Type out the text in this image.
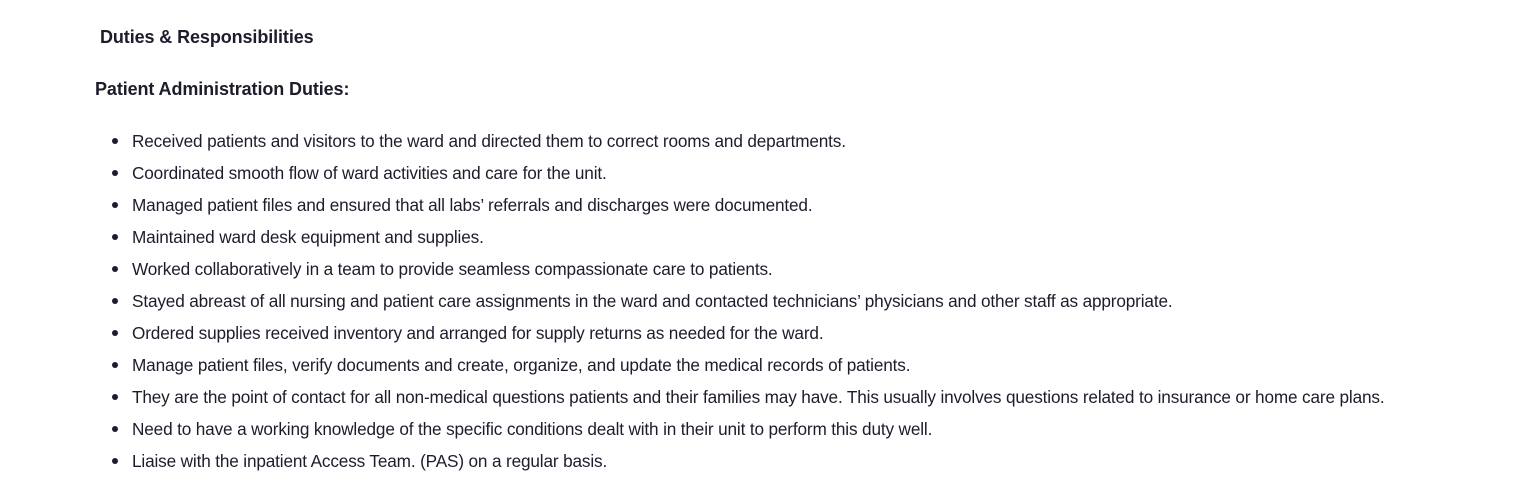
Duties & Responsibilities
Patient Administration Duties:
Received patients and visitors to the ward and directed them to correct rooms and departments.
Coordinated smooth flow of ward activities and care for the unit.
Managed patient files and ensured that all labs’ referrals and discharges were documented.
Maintained ward desk equipment and supplies.
Worked collaboratively in a team to provide seamless compassionate care to patients.
Stayed abreast of all nursing and patient care assignments in the ward and contacted technicians’ physicians and other staff as appropriate.
Ordered supplies received inventory and arranged for supply returns as needed for the ward.
Manage patient files, verify documents and create, organize, and update the medical records of patients.
They are the point of contact for all non-medical questions patients and their families may have. This usually involves questions related to insurance or home care plans.
Need to have a working knowledge of the specific conditions dealt with in their unit to perform this duty well.
Liaise with the inpatient Access Team. (PAS) on a regular basis.
